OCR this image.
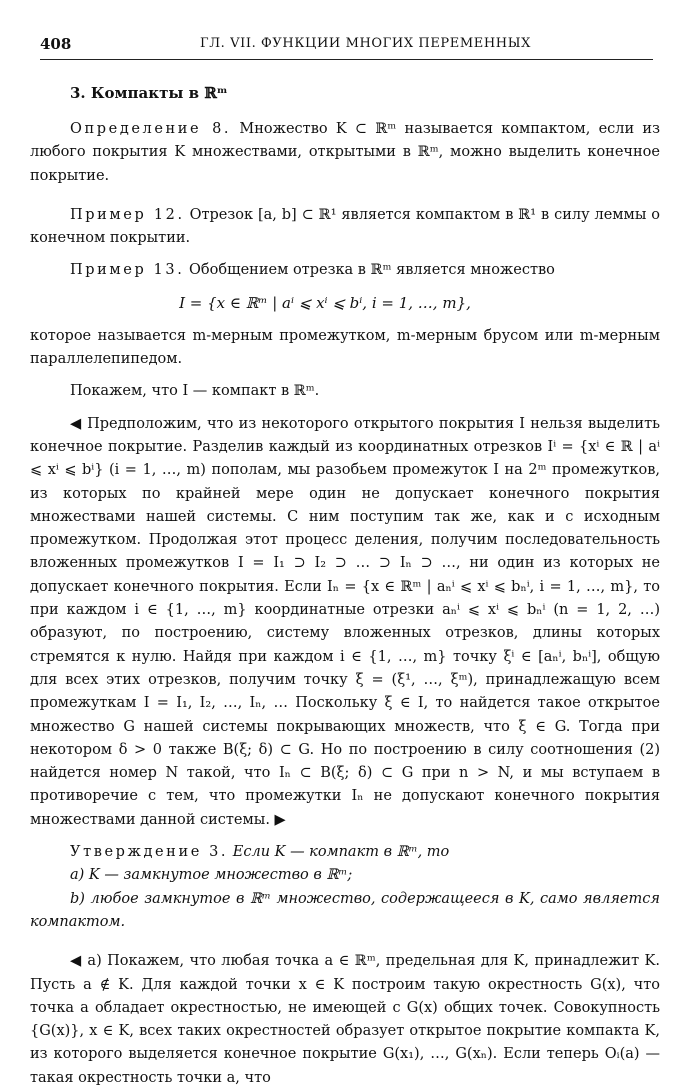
408	ГЛ. VII. ФУНКЦИИ МНОГИХ ПЕРЕМЕННЫХ

3. Компакты в ℝᵐ

Определение 8. Множество K ⊂ ℝᵐ называется компактом, если из любого покрытия K множествами, открытыми в ℝᵐ, можно выделить конечное покрытие.

Пример 12. Отрезок [a, b] ⊂ ℝ¹ является компактом в ℝ¹ в силу леммы о конечном покрытии.

Пример 13. Обобщением отрезка в ℝᵐ является множество

I = {x ∈ ℝᵐ | aⁱ ⩽ xⁱ ⩽ bⁱ, i = 1, …, m},

которое называется m-мерным промежутком, m-мерным брусом или m-мерным параллелепипедом.

Покажем, что I — компакт в ℝᵐ.

◀ Предположим, что из некоторого открытого покрытия I нельзя выделить конечное покрытие. Разделив каждый из координатных отрезков Iⁱ = {xⁱ ∈ ℝ | aⁱ ⩽ xⁱ ⩽ bⁱ} (i = 1, …, m) пополам, мы разобьем промежуток I на 2ᵐ промежутков, из которых по крайней мере один не допускает конечного покрытия множествами нашей системы. С ним поступим так же, как и с исходным промежутком. Продолжая этот процесс деления, получим последовательность вложенных промежутков I = I₁ ⊃ I₂ ⊃ … ⊃ Iₙ ⊃ …, ни один из которых не допускает конечного покрытия. Если Iₙ = {x ∈ ℝᵐ | aₙⁱ ⩽ xⁱ ⩽ bₙⁱ, i = 1, …, m}, то при каждом i ∈ {1, …, m} координатные отрезки aₙⁱ ⩽ xⁱ ⩽ bₙⁱ (n = 1, 2, …) образуют, по построению, систему вложенных отрезков, длины которых стремятся к нулю. Найдя при каждом i ∈ {1, …, m} точку ξⁱ ∈ [aₙⁱ, bₙⁱ], общую для всех этих отрезков, получим точку ξ = (ξ¹, …, ξᵐ), принадлежащую всем промежуткам I = I₁, I₂, …, Iₙ, … Поскольку ξ ∈ I, то найдется такое открытое множество G нашей системы покрывающих множеств, что ξ ∈ G. Тогда при некотором δ > 0 также B(ξ; δ) ⊂ G. Но по построению в силу соотношения (2) найдется номер N такой, что Iₙ ⊂ B(ξ; δ) ⊂ G при n > N, и мы вступаем в противоречие с тем, что промежутки Iₙ не допускают конечного покрытия множествами данной системы. ▶

Утверждение 3. Если K — компакт в ℝᵐ, то

a) K — замкнутое множество в ℝᵐ;

b) любое замкнутое в ℝᵐ множество, содержащееся в K, само является компактом.

◀ a) Покажем, что любая точка a ∈ ℝᵐ, предельная для K, принадлежит K. Пусть a ∉ K. Для каждой точки x ∈ K построим такую окрестность G(x), что точка a обладает окрестностью, не имеющей с G(x) общих точек. Совокупность {G(x)}, x ∈ K, всех таких окрестностей образует открытое покрытие компакта K, из которого выделяется конечное покрытие G(x₁), …, G(xₙ). Если теперь Oᵢ(a) — такая окрестность точки a, что
